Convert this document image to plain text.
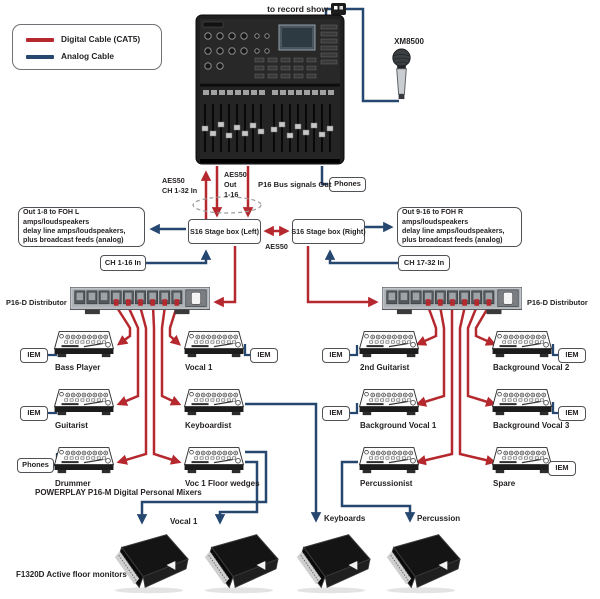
Digital Cable (CAT5)
Analog Cable
to record show
XM8500
Phones
AES50
CH 1-32 In
AES50
Out
1-16
P16 Bus signals Out
Out 1-8 to FOH L amps/loudspeakers
delay line amps/loudspeakers,
plus broadcast feeds (analog)
S16 Stage box (Left)	S16 Stage box (Right)
Out 9-16 to FOH R amps/loudspeakers
delay line amps/loudspeakers,
plus broadcast feeds (analog)
AES50
CH 1-16 In	CH 17-32 In
P16-D Distributor	P16-D Distributor
Bass Player	Vocal 1	2nd Guitarist	Background Vocal 2
Guitarist	Keyboardist	Background Vocal 1	Background Vocal 3
Drummer	Voc 1 Floor wedges	Percussionist	Spare
IEM	IEM	IEM	IEM
IEM	IEM	IEM
Phones	IEM
POWERPLAY P16-M Digital Personal Mixers
Vocal 1	Keyboards	Percussion
F1320D Active floor monitors
